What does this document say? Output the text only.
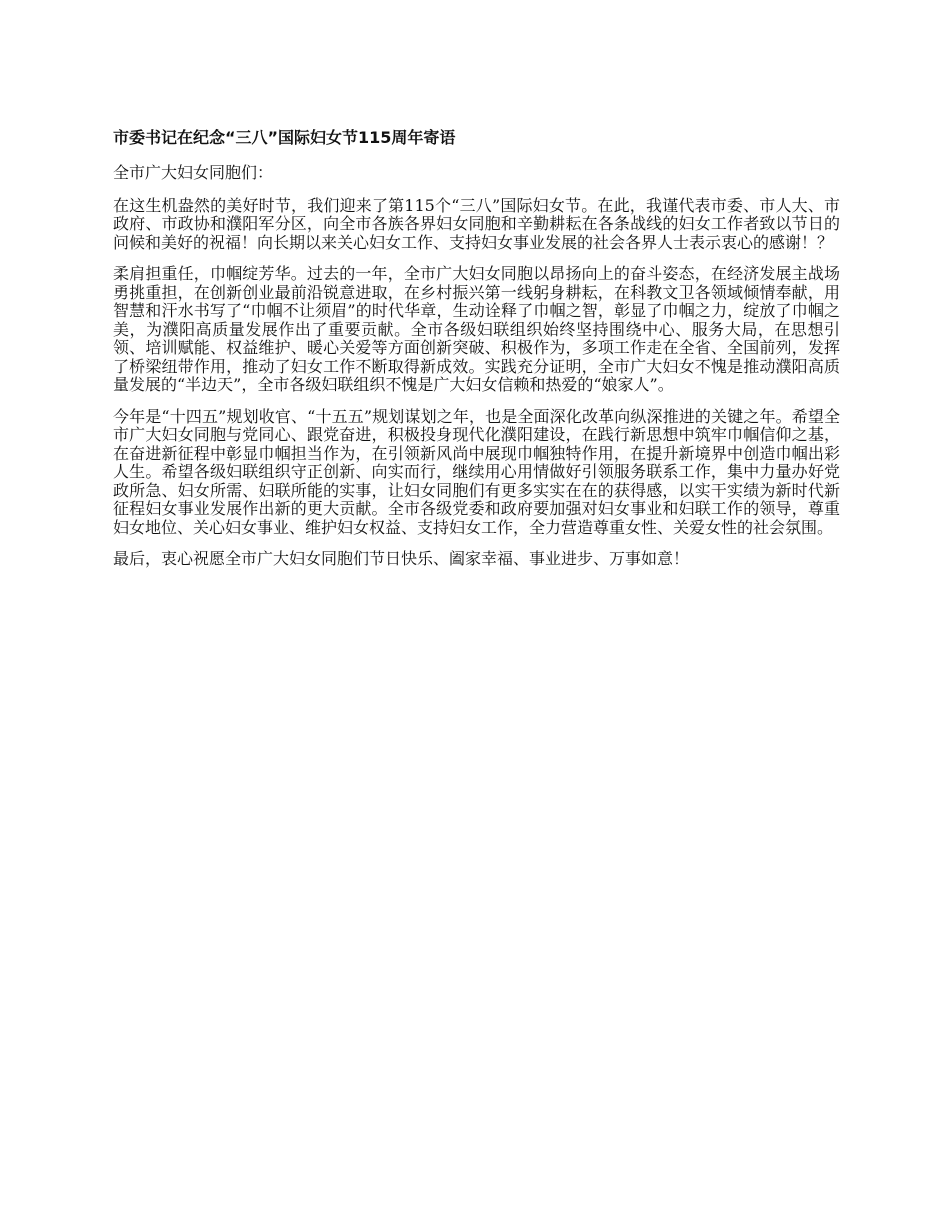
市委书记在纪念“三八”国际妇女节115周年寄语

全市广大妇女同胞们：

在这生机盎然的美好时节，我们迎来了第115个“三八”国际妇女节。在此，我谨代表市委、市人大、市政府、市政协和濮阳军分区，向全市各族各界妇女同胞和辛勤耕耘在各条战线的妇女工作者致以节日的问候和美好的祝福！向长期以来关心妇女工作、支持妇女事业发展的社会各界人士表示衷心的感谢！？

柔肩担重任，巾帼绽芳华。过去的一年，全市广大妇女同胞以昂扬向上的奋斗姿态，在经济发展主战场勇挑重担，在创新创业最前沿锐意进取，在乡村振兴第一线躬身耕耘，在科教文卫各领域倾情奉献，用智慧和汗水书写了“巾帼不让须眉”的时代华章，生动诠释了巾帼之智，彰显了巾帼之力，绽放了巾帼之美，为濮阳高质量发展作出了重要贡献。全市各级妇联组织始终坚持围绕中心、服务大局，在思想引领、培训赋能、权益维护、暖心关爱等方面创新突破、积极作为，多项工作走在全省、全国前列，发挥了桥梁纽带作用，推动了妇女工作不断取得新成效。实践充分证明，全市广大妇女不愧是推动濮阳高质量发展的“半边天”，全市各级妇联组织不愧是广大妇女信赖和热爱的“娘家人”。

今年是“十四五”规划收官、“十五五”规划谋划之年，也是全面深化改革向纵深推进的关键之年。希望全市广大妇女同胞与党同心、跟党奋进，积极投身现代化濮阳建设，在践行新思想中筑牢巾帼信仰之基，在奋进新征程中彰显巾帼担当作为，在引领新风尚中展现巾帼独特作用，在提升新境界中创造巾帼出彩人生。希望各级妇联组织守正创新、向实而行，继续用心用情做好引领服务联系工作，集中力量办好党政所急、妇女所需、妇联所能的实事，让妇女同胞们有更多实实在在的获得感，以实干实绩为新时代新征程妇女事业发展作出新的更大贡献。全市各级党委和政府要加强对妇女事业和妇联工作的领导，尊重妇女地位、关心妇女事业、维护妇女权益、支持妇女工作，全力营造尊重女性、关爱女性的社会氛围。

最后，衷心祝愿全市广大妇女同胞们节日快乐、阖家幸福、事业进步、万事如意！
